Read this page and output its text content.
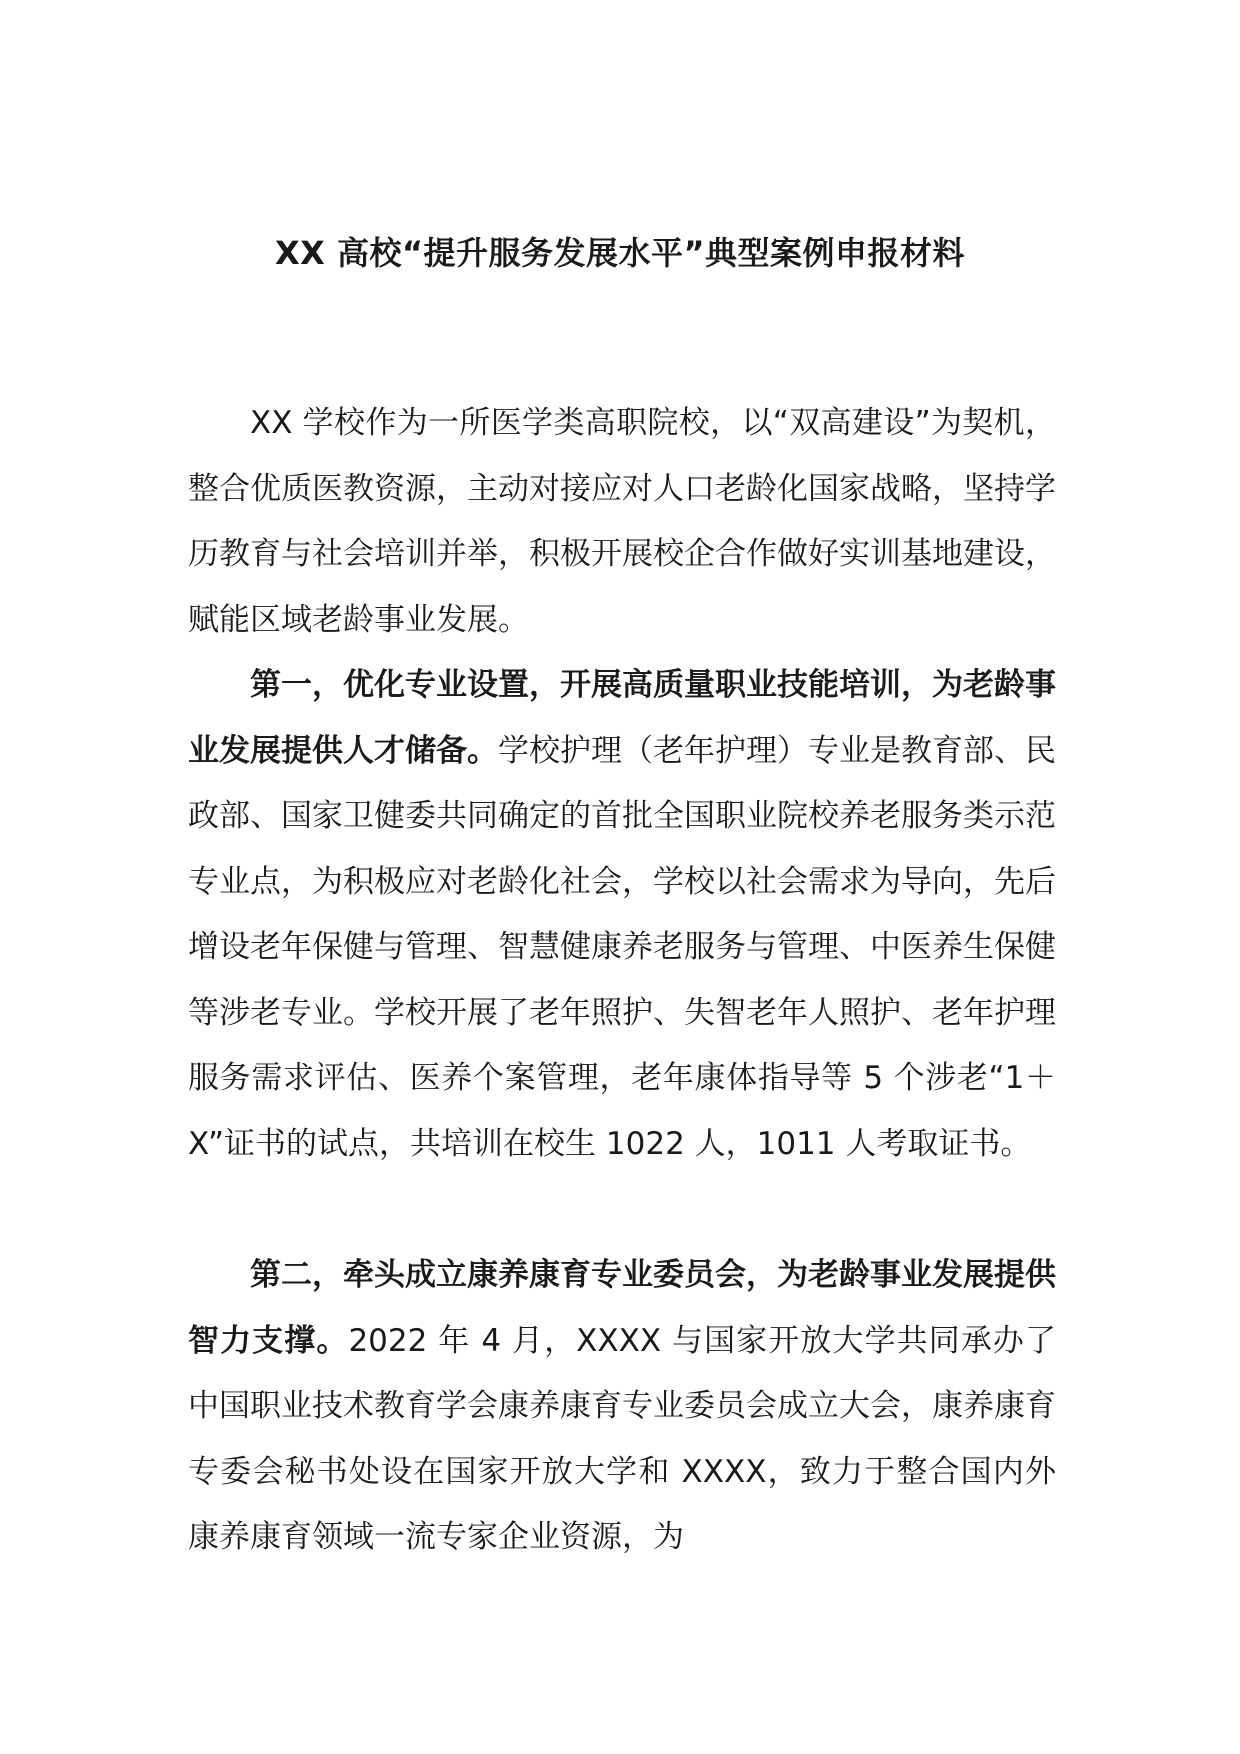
XX 高校“提升服务发展水平”典型案例申报材料

XX 学校作为一所医学类高职院校，以“双高建设”为契机，整合优质医教资源，主动对接应对人口老龄化国家战略，坚持学历教育与社会培训并举，积极开展校企合作做好实训基地建设，赋能区域老龄事业发展。

第一，优化专业设置，开展高质量职业技能培训，为老龄事业发展提供人才储备。学校护理（老年护理）专业是教育部、民政部、国家卫健委共同确定的首批全国职业院校养老服务类示范专业点，为积极应对老龄化社会，学校以社会需求为导向，先后增设老年保健与管理、智慧健康养老服务与管理、中医养生保健等涉老专业。学校开展了老年照护、失智老年人照护、老年护理服务需求评估、医养个案管理，老年康体指导等 5 个涉老“1＋X”证书的试点，共培训在校生 1022 人，1011 人考取证书。

第二，牵头成立康养康育专业委员会，为老龄事业发展提供智力支撑。2022 年 4 月，XXXX 与国家开放大学共同承办了中国职业技术教育学会康养康育专业委员会成立大会，康养康育专委会秘书处设在国家开放大学和 XXXX，致力于整合国内外康养康育领域一流专家企业资源，为
